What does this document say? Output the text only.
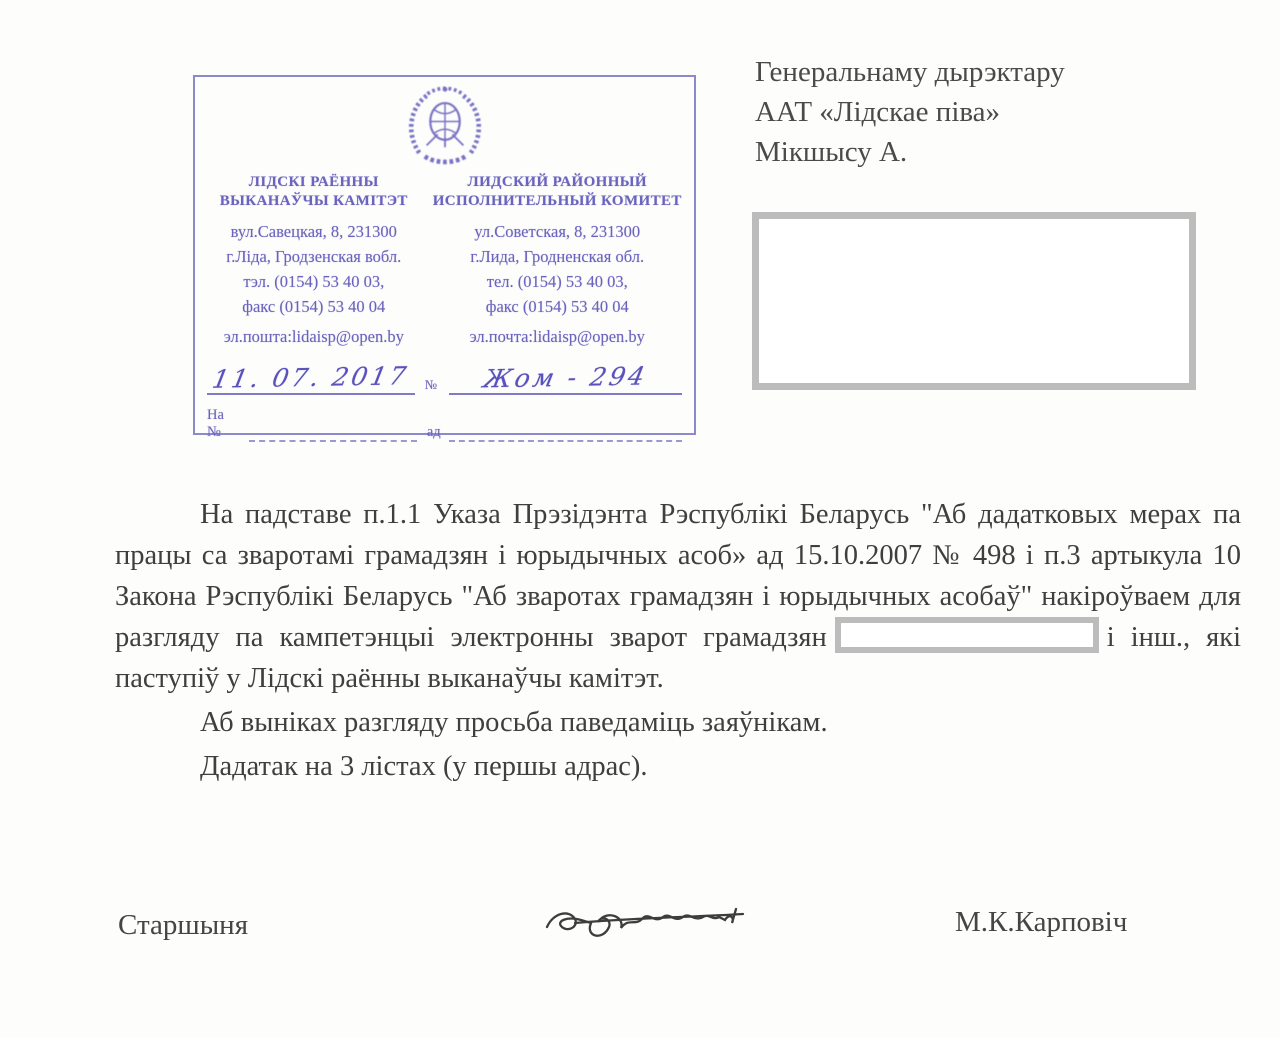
ЛІДСКІ РАЁННЫ
ВЫКАНАЎЧЫ КАМІТЭТ
вул.Савецкая, 8, 231300
г.Ліда, Гродзенская вобл.
тэл. (0154) 53 40 03,
факс (0154) 53 40 04
эл.пошта:lidaisp@open.by
ЛИДСКИЙ РАЙОННЫЙ
ИСПОЛНИТЕЛЬНЫЙ КОМИТЕТ
ул.Советская, 8, 231300
г.Лида, Гродненская обл.
тел. (0154) 53 40 03,
факс (0154) 53 40 04
эл.почта:lidaisp@open.by
11. 07. 2017 №	Жом - 294
На №	ад
Генеральнаму дырэктару
ААТ «Лідскае піва»
Мікшысу А.

На падставе п.1.1 Указа Прэзідэнта Рэспублікі Беларусь "Аб дадатковых мерах па працы са зваротамі грамадзян і юрыдычных асоб» ад 15.10.2007 № 498 і п.3 артыкула 10 Закона Рэспублікі Беларусь "Аб зваротах грамадзян і юрыдычных асобаў" накіроўваем для разгляду па кампетэнцыі электронны зварот грамадзян	і інш., які паступіў у Лідскі раённы выканаўчы камітэт.

Аб выніках разгляду просьба паведаміць заяўнікам.

Дадатак на 3 лістах (у першы адрас).

Старшыня	М.К.Карповіч
